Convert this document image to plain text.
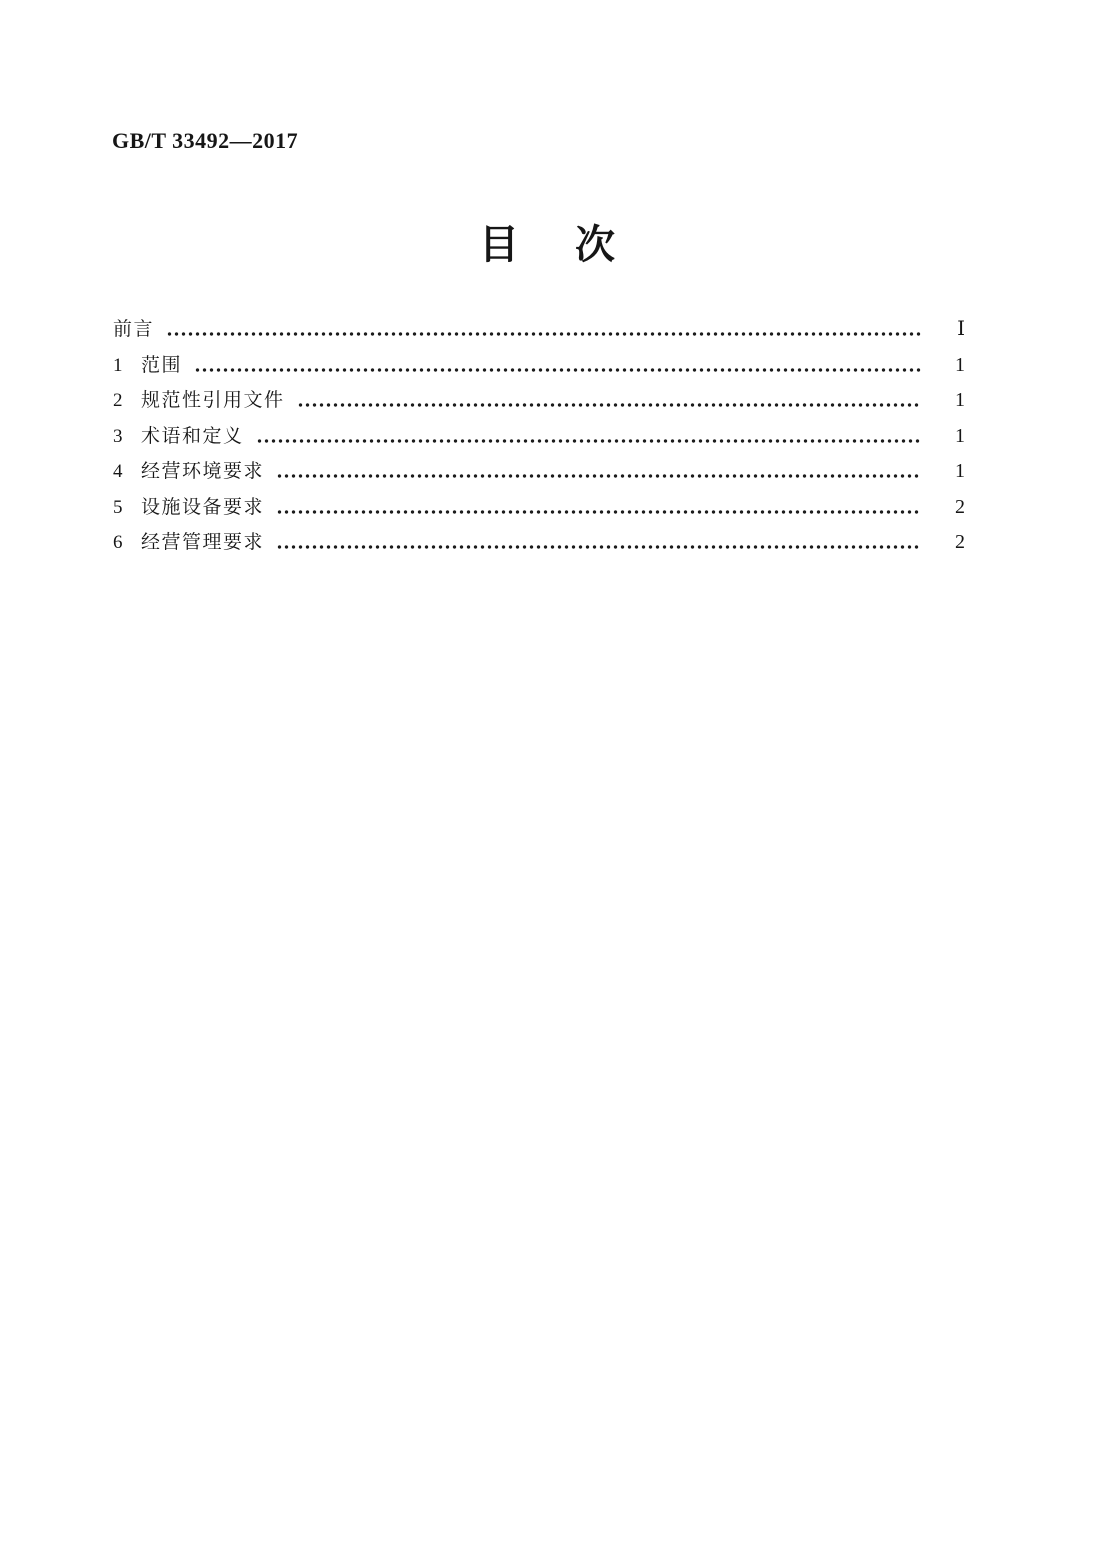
GB/T 33492—2017
目　次
前言	Ⅰ
1 范围	1
2 规范性引用文件	1
3 术语和定义	1
4 经营环境要求	1
5 设施设备要求	2
6 经营管理要求	2
